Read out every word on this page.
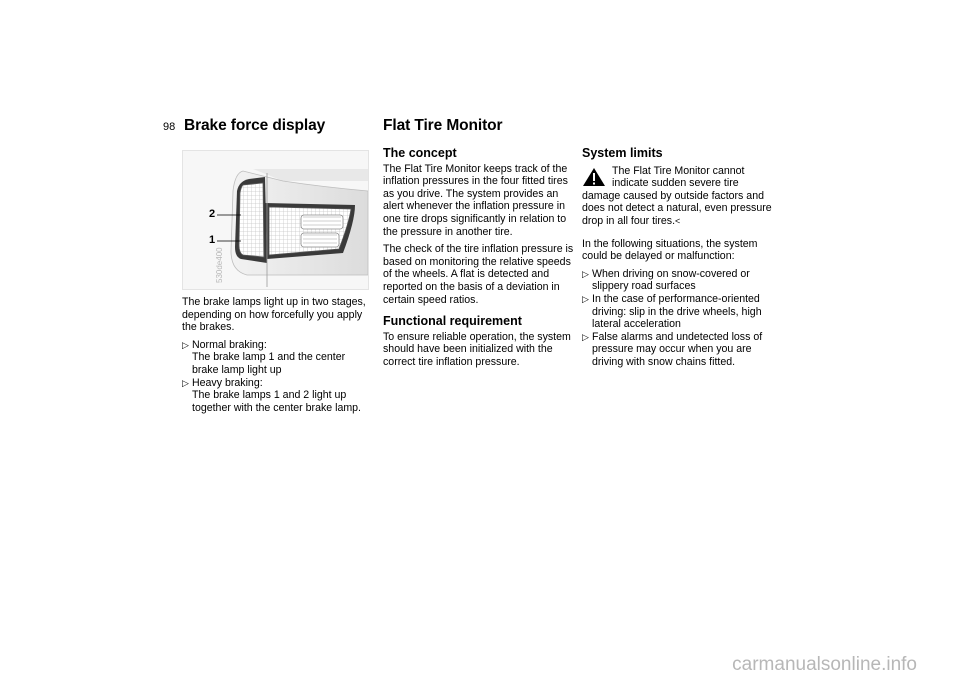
98 Brake force display	Flat Tire Monitor
2
1
530de400

The brake lamps light up in two stages, depending on how forcefully you apply the brakes.

▷ Normal braking:
The brake lamp 1 and the center brake lamp light up
▷ Heavy braking:
The brake lamps 1 and 2 light up together with the center brake lamp.
The concept

The Flat Tire Monitor keeps track of the inflation pressures in the four fitted tires as you drive. The system provides an alert whenever the inflation pressure in one tire drops significantly in relation to the pressure in another tire.

The check of the tire inflation pressure is based on monitoring the relative speeds of the wheels. A flat is detected and reported on the basis of a deviation in certain speed ratios.

Functional requirement

To ensure reliable operation, the system should have been initialized with the correct tire inflation pressure.

System limits

The Flat Tire Monitor cannot indicate sudden severe tire damage caused by outside factors and does not detect a natural, even pressure drop in all four tires.<

In the following situations, the system could be delayed or malfunction:

▷ When driving on snow-covered or slippery road surfaces
▷ In the case of performance-oriented driving: slip in the drive wheels, high lateral acceleration
▷ False alarms and undetected loss of pressure may occur when you are driving with snow chains fitted.
carmanualsonline.info
